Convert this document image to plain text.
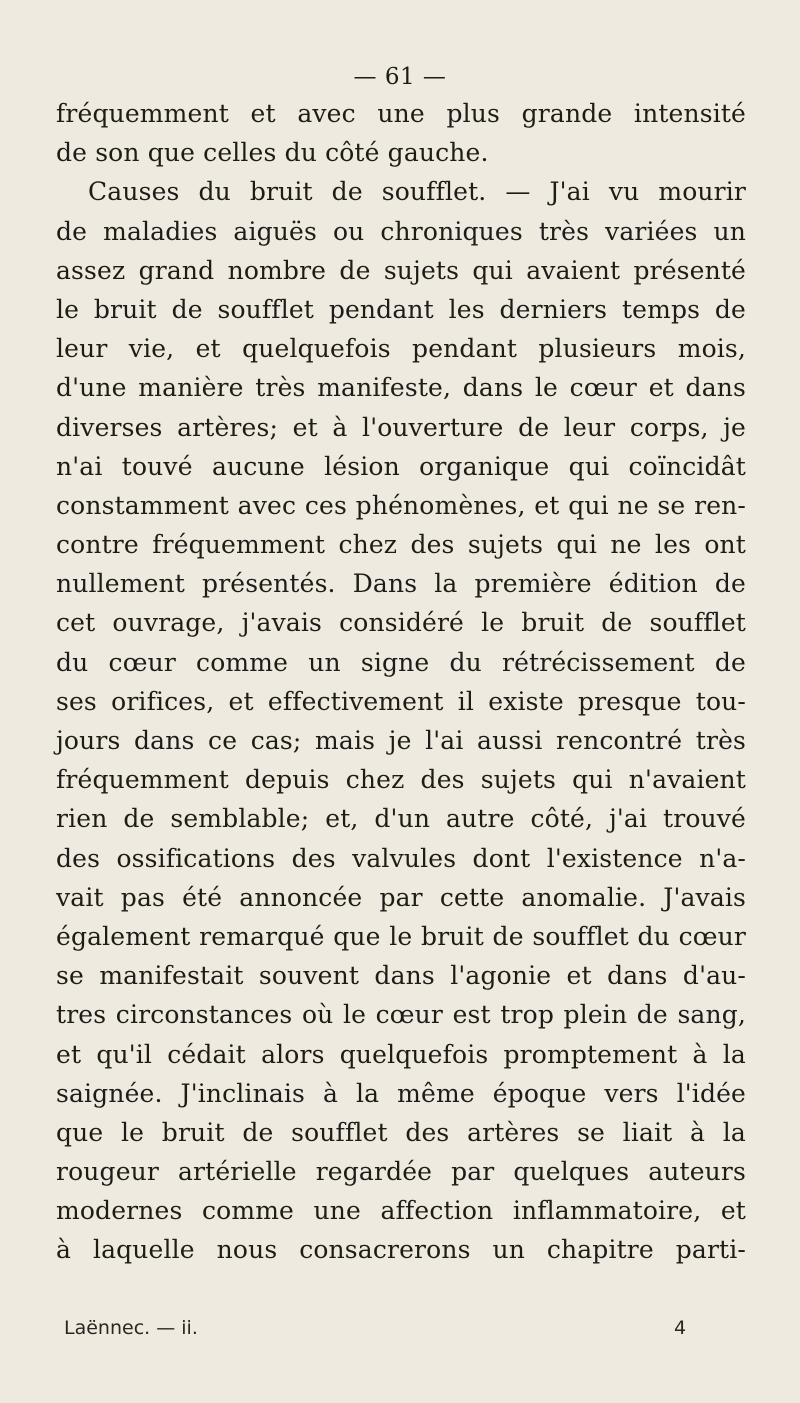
— 61 —
fréquemment et avec une plus grande intensité
de son que celles du côté gauche.
Causes du bruit de soufflet. — J'ai vu mourir
de maladies aiguës ou chroniques très variées un
assez grand nombre de sujets qui avaient présenté
le bruit de soufflet pendant les derniers temps de
leur vie, et quelquefois pendant plusieurs mois,
d'une manière très manifeste, dans le cœur et dans
diverses artères; et à l'ouverture de leur corps, je
n'ai touvé aucune lésion organique qui coïncidât
constamment avec ces phénomènes, et qui ne se ren-
contre fréquemment chez des sujets qui ne les ont
nullement présentés. Dans la première édition de
cet ouvrage, j'avais considéré le bruit de soufflet
du cœur comme un signe du rétrécissement de
ses orifices, et effectivement il existe presque tou-
jours dans ce cas; mais je l'ai aussi rencontré très
fréquemment depuis chez des sujets qui n'avaient
rien de semblable; et, d'un autre côté, j'ai trouvé
des ossifications des valvules dont l'existence n'a-
vait pas été annoncée par cette anomalie. J'avais
également remarqué que le bruit de soufflet du cœur
se manifestait souvent dans l'agonie et dans d'au-
tres circonstances où le cœur est trop plein de sang,
et qu'il cédait alors quelquefois promptement à la
saignée. J'inclinais à la même époque vers l'idée
que le bruit de soufflet des artères se liait à la
rougeur artérielle regardée par quelques auteurs
modernes comme une affection inflammatoire, et
à laquelle nous consacrerons un chapitre parti-
Laënnec. — ii.	4
